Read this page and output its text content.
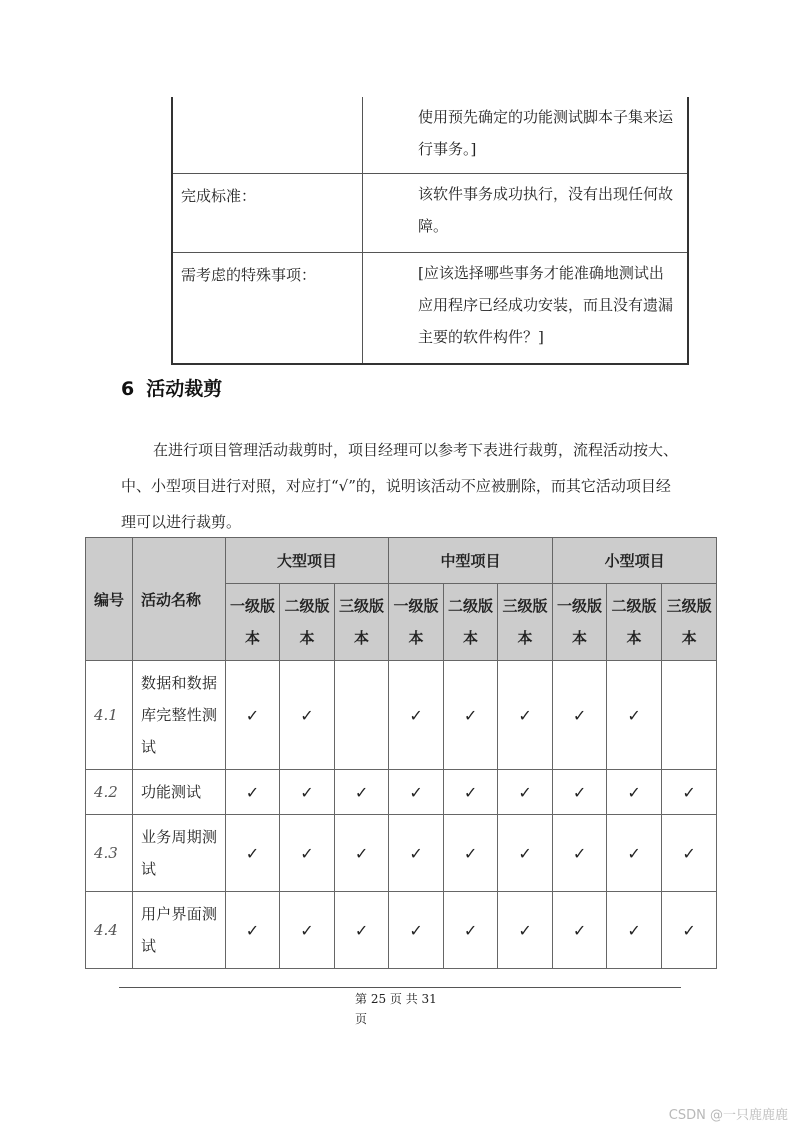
	使用预先确定的功能测试脚本子集来运行事务。]
完成标准：	该软件事务成功执行，没有出现任何故障。
需考虑的特殊事项：	[应该选择哪些事务才能准确地测试出应用程序已经成功安装，而且没有遗漏主要的软件构件？]
6 活动裁剪

在进行项目管理活动裁剪时，项目经理可以参考下表进行裁剪，流程活动按大、中、小型项目进行对照，对应打“√”的，说明该活动不应被删除，而其它活动项目经理可以进行裁剪。

编号	活动名称	大型项目			中型项目			小型项目		
		一级版本	二级版本	三级版本	一级版本	二级版本	三级版本	一级版本	二级版本	三级版本
4.1	数据和数据库完整性测试	✓	✓		✓	✓	✓	✓	✓	
4.2	功能测试	✓	✓	✓	✓	✓	✓	✓	✓	✓
4.3	业务周期测试	✓	✓	✓	✓	✓	✓	✓	✓	✓
4.4	用户界面测试	✓	✓	✓	✓	✓	✓	✓	✓	✓
第 25 页 共 31
页
CSDN @一只鹿鹿鹿
